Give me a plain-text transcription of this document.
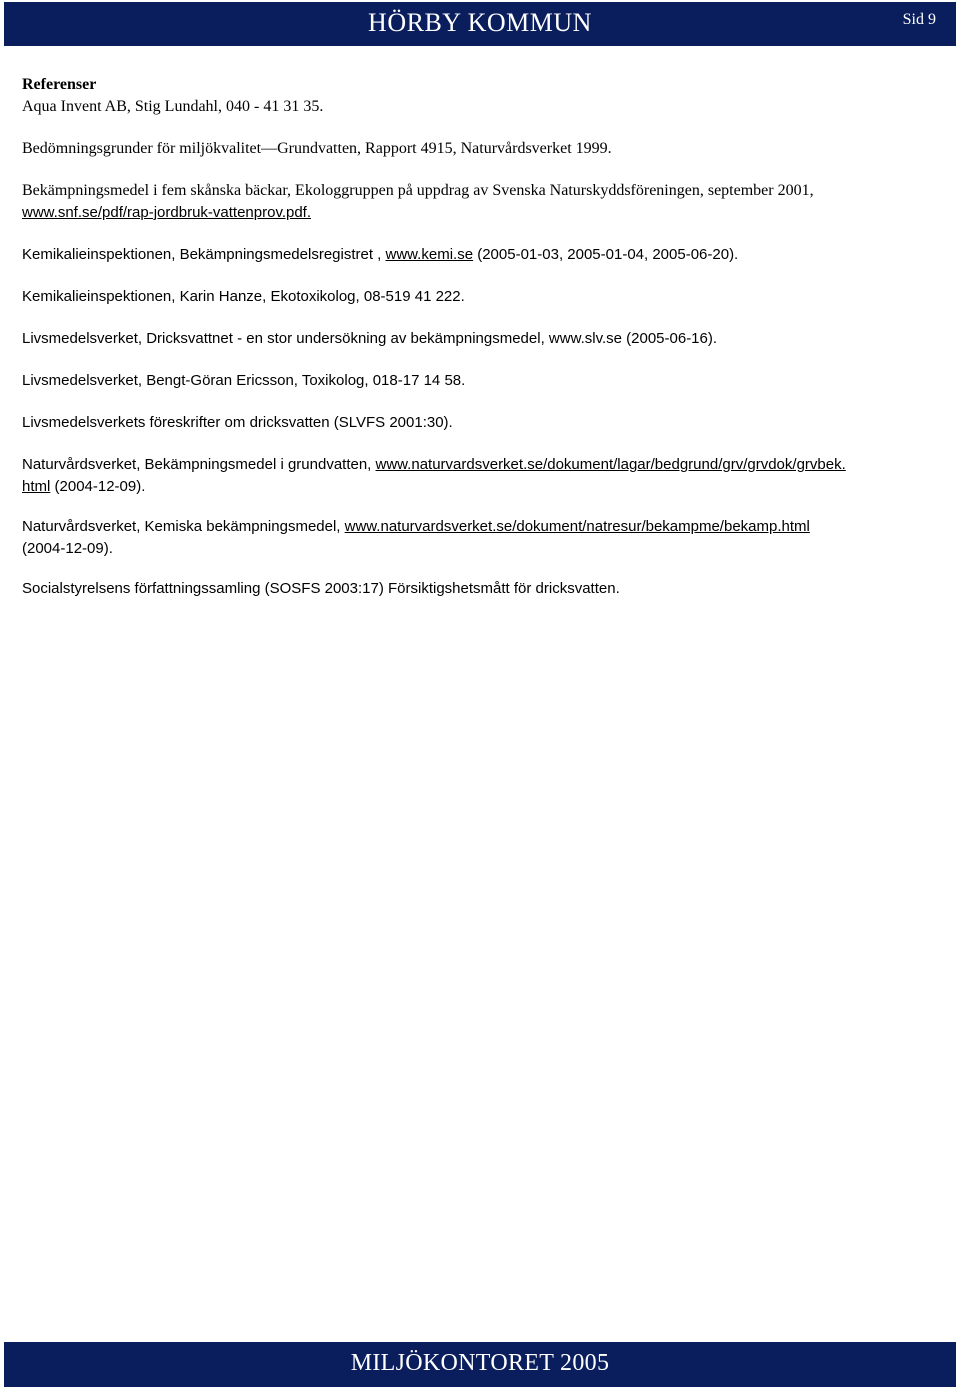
HÖRBY KOMMUN	Sid 9

Referenser

Aqua Invent AB, Stig Lundahl, 040 - 41 31 35.

Bedömningsgrunder för miljökvalitet—Grundvatten, Rapport 4915, Naturvårdsverket 1999.

Bekämpningsmedel i fem skånska bäckar, Ekologgruppen på uppdrag av Svenska Naturskyddsföreningen, september 2001,
www.snf.se/pdf/rap-jordbruk-vattenprov.pdf.

Kemikalieinspektionen, Bekämpningsmedelsregistret , www.kemi.se (2005-01-03, 2005-01-04, 2005-06-20).

Kemikalieinspektionen, Karin Hanze, Ekotoxikolog, 08-519 41 222.

Livsmedelsverket, Dricksvattnet - en stor undersökning av bekämpningsmedel, www.slv.se (2005-06-16).

Livsmedelsverket, Bengt-Göran Ericsson, Toxikolog, 018-17 14 58.

Livsmedelsverkets föreskrifter om dricksvatten (SLVFS 2001:30).

Naturvårdsverket, Bekämpningsmedel i grundvatten, www.naturvardsverket.se/dokument/lagar/bedgrund/grv/grvdok/grvbek.
html (2004-12-09).

Naturvårdsverket, Kemiska bekämpningsmedel, www.naturvardsverket.se/dokument/natresur/bekampme/bekamp.html
(2004-12-09).

Socialstyrelsens författningssamling (SOSFS 2003:17) Försiktigshetsmått för dricksvatten.

MILJÖKONTORET 2005
